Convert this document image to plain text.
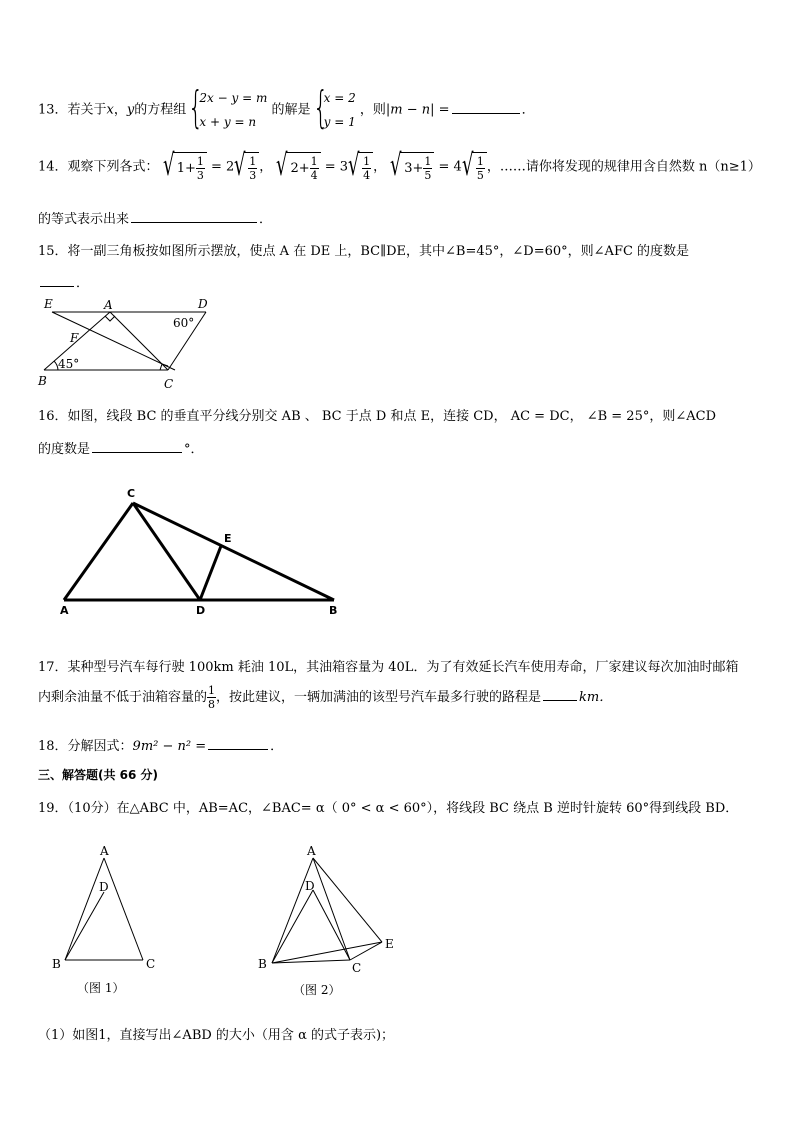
13．若关于x，y的方程组
{ 2x − y = m
x + y = n
的解是
{ x = 2
y = 1
，则|m − n| =	．
14．观察下列各式： √ $1+ \frac{1}{3} = 2$ √ $\frac{1}{3}$ ， √ $2+ \frac{1}{4} = 3$ √ $\frac{1}{4}$ ， √ $3+ \frac{1}{5} = 4$ √ $\frac{1}{5}$ ，……请你将发现的规律用含自然数 n（n≥1）
的等式表示出来	．
15．将一副三角板按如图所示摆放，使点 A 在 DE 上，BC∥DE，其中∠B=45°，∠D=60°，则∠AFC 的度数是
．
E	A	D
F
B	C
60°
45°
C
E
A	D	B
A
D
B	C
（图 1）
A
D
E
B	C
（图 2）
16．如图，线段 BC 的垂直平分线分别交 AB 、 BC 于点 D 和点 E，连接 CD， AC = DC， ∠B = 25°，则∠ACD
的度数是	°．
17．某种型号汽车每行驶 100km 耗油 10L，其油箱容量为 40L．为了有效延长汽车使用寿命，厂家建议每次加油时邮箱
内剩余油量不低于油箱容量的 $\frac{1}{8}$ ，按此建议，一辆加满油的该型号汽车最多行驶的路程是	km．
18．分解因式：9m² − n² =	．
三、解答题(共 66 分)
19．（10分）在△ABC 中，AB=AC，∠BAC= α（ 0° < α < 60°），将线段 BC 绕点 B 逆时针旋转 60°得到线段 BD．
（1）如图1，直接写出∠ABD 的大小（用含 α 的式子表示)；
